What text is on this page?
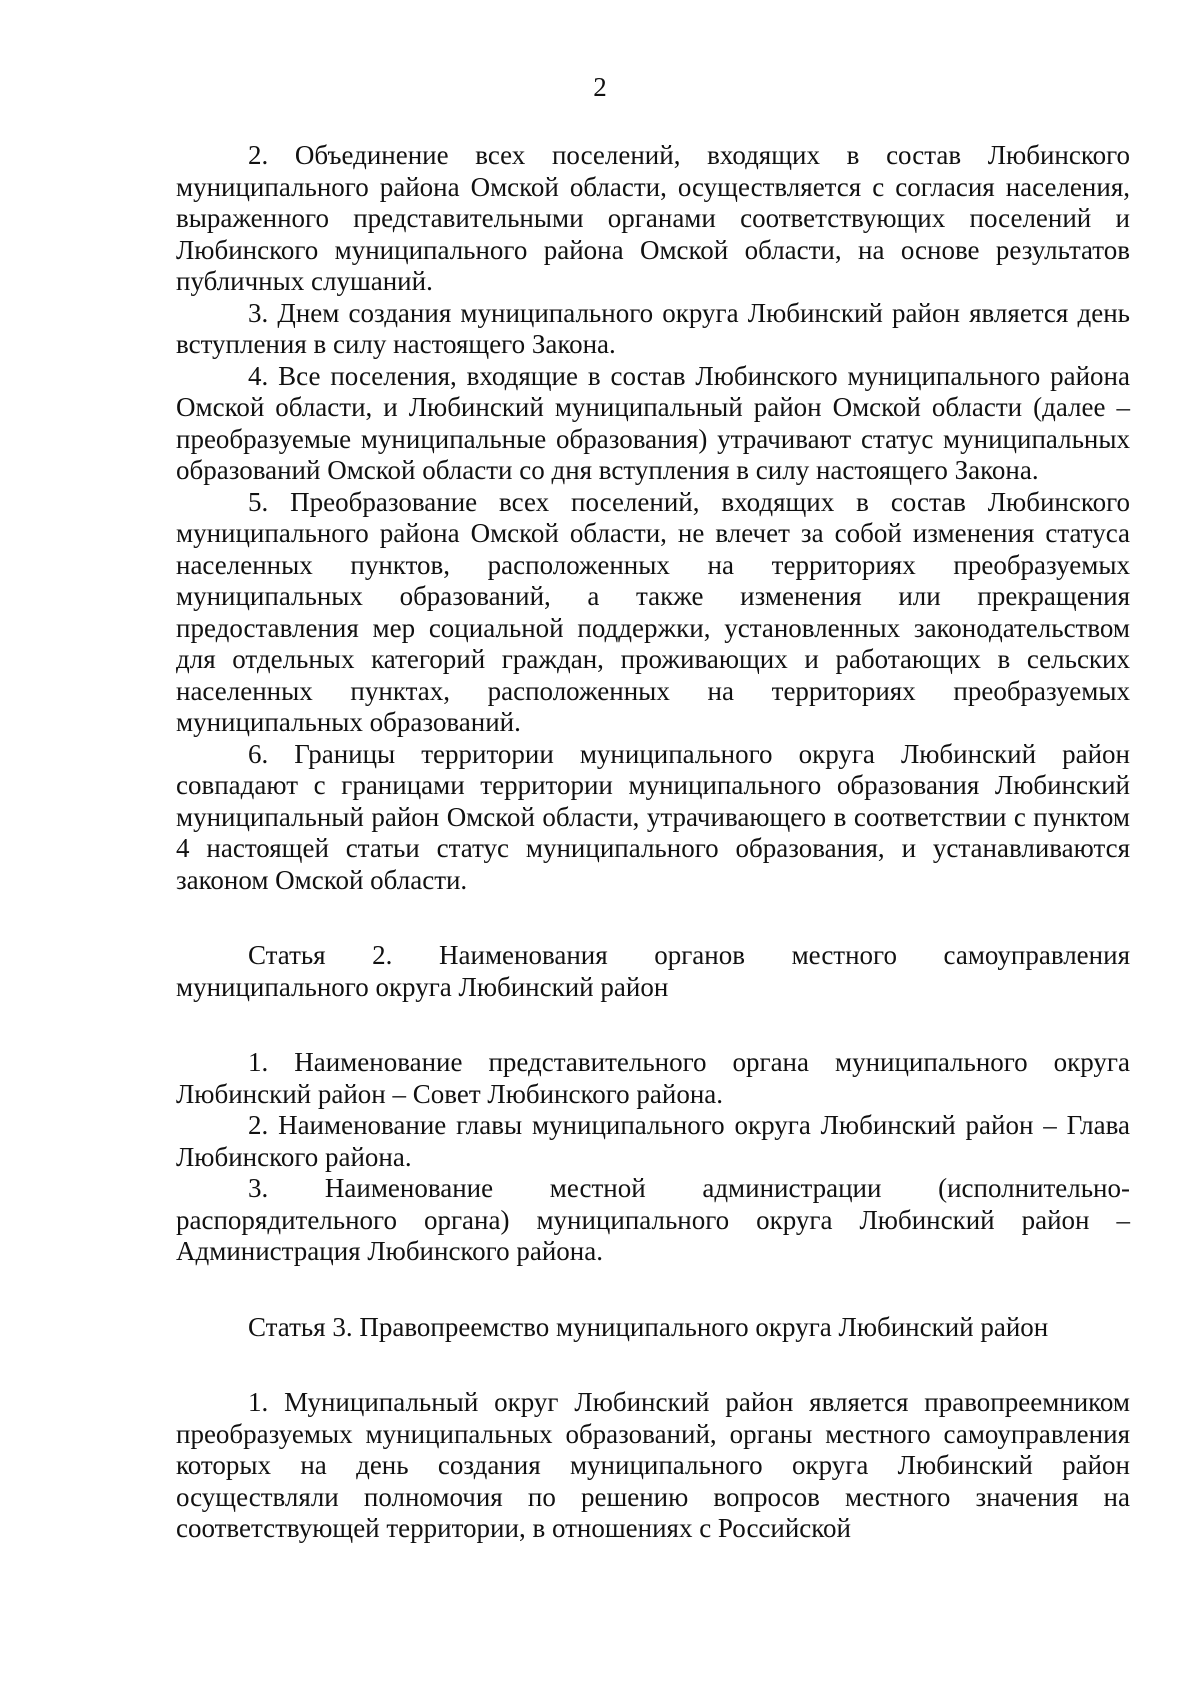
2

2. Объединение всех поселений, входящих в состав Любинского муниципального района Омской области, осуществляется с согласия населения, выраженного представительными органами соответствующих поселений и Любинского муниципального района Омской области, на основе результатов публичных слушаний.

3. Днем создания муниципального округа Любинский район является день вступления в силу настоящего Закона.

4. Все поселения, входящие в состав Любинского муниципального района Омской области, и Любинский муниципальный район Омской области (далее – преобразуемые муниципальные образования) утрачивают статус муниципальных образований Омской области со дня вступления в силу настоящего Закона.

5. Преобразование всех поселений, входящих в состав Любинского муниципального района Омской области, не влечет за собой изменения статуса населенных пунктов, расположенных на территориях преобразуемых муниципальных образований, а также изменения или прекращения предоставления мер социальной поддержки, установленных законодательством для отдельных категорий граждан, проживающих и работающих в сельских населенных пунктах, расположенных на территориях преобразуемых муниципальных образований.

6. Границы территории муниципального округа Любинский район совпадают с границами территории муниципального образования Любинский муниципальный район Омской области, утрачивающего в соответствии с пунктом 4 настоящей статьи статус муниципального образования, и устанавливаются законом Омской области.

Статья 2. Наименования органов местного самоуправления муниципального округа Любинский район

1. Наименование представительного органа муниципального округа Любинский район – Совет Любинского района.

2. Наименование главы муниципального округа Любинский район – Глава Любинского района.

3. Наименование местной администрации (исполнительно-распорядительного органа) муниципального округа Любинский район – Администрация Любинского района.

Статья 3. Правопреемство муниципального округа Любинский район

1. Муниципальный округ Любинский район является правопреемником преобразуемых муниципальных образований, органы местного самоуправления которых на день создания муниципального округа Любинский район осуществляли полномочия по решению вопросов местного значения на соответствующей территории, в отношениях с Российской
